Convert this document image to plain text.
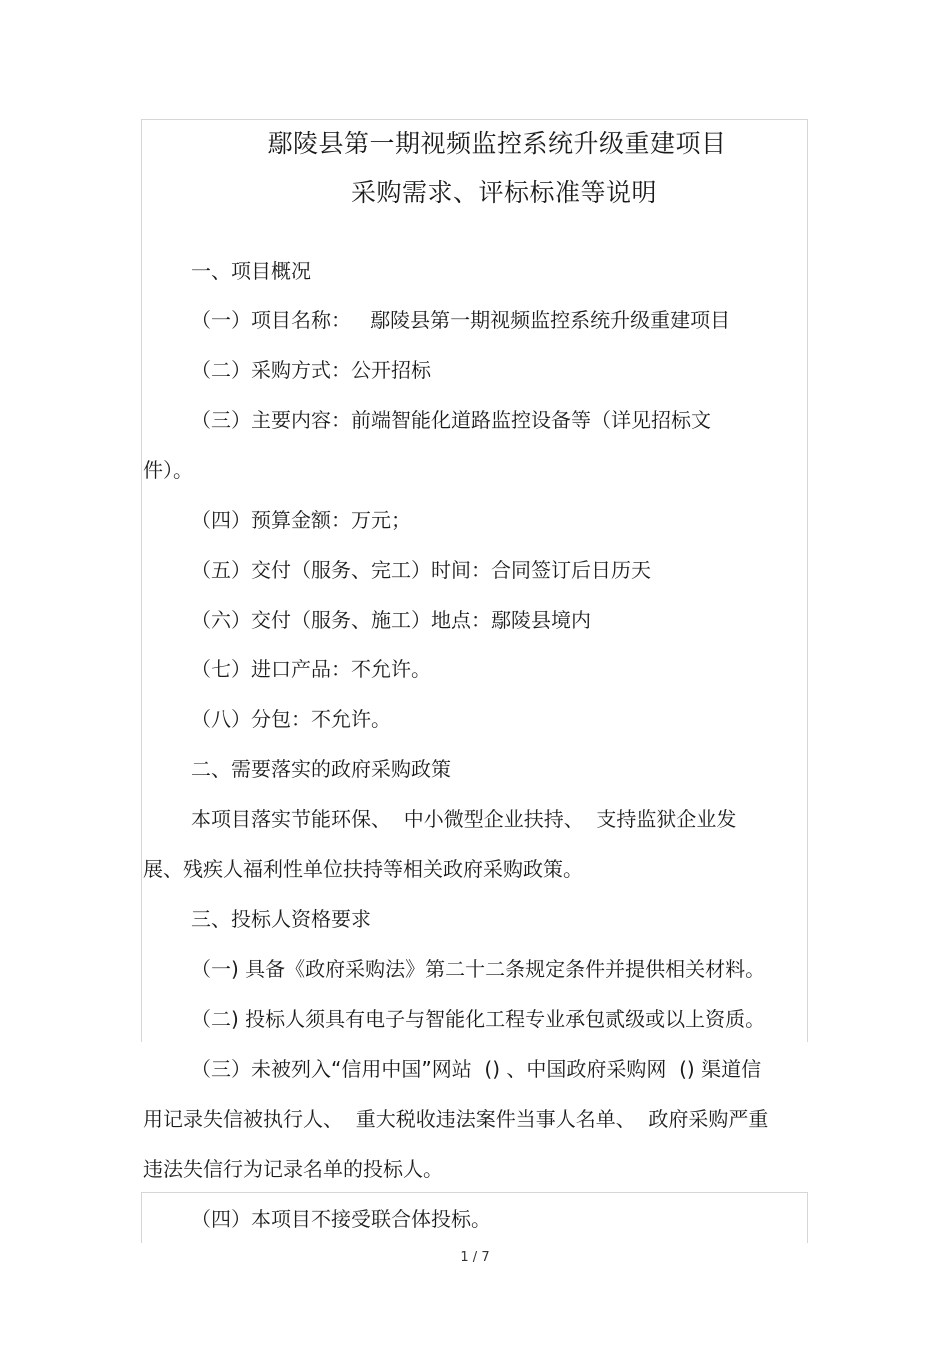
鄢陵县第一期视频监控系统升级重建项目
采购需求、评标标准等说明
一、项目概况
（一）项目名称：   鄢陵县第一期视频监控系统升级重建项目
（二）采购方式：公开招标
（三）主要内容：前端智能化道路监控设备等（详见招标文
件）。
（四）预算金额：万元；
（五）交付（服务、完工）时间：合同签订后日历天
（六）交付（服务、施工）地点：鄢陵县境内
（七）进口产品：不允许。
（八）分包：不允许。
二、需要落实的政府采购政策
本项目落实节能环保、  中小微型企业扶持、  支持监狱企业发
展、残疾人福利性单位扶持等相关政府采购政策。
三、投标人资格要求
（一) 具备《政府采购法》第二十二条规定条件并提供相关材料。
（二) 投标人须具有电子与智能化工程专业承包贰级或以上资质。
（三）未被列入“信用中国”网站  () 、中国政府采购网  () 渠道信
用记录失信被执行人、  重大税收违法案件当事人名单、  政府采购严重
违法失信行为记录名单的投标人。
（四）本项目不接受联合体投标。
1 / 7
